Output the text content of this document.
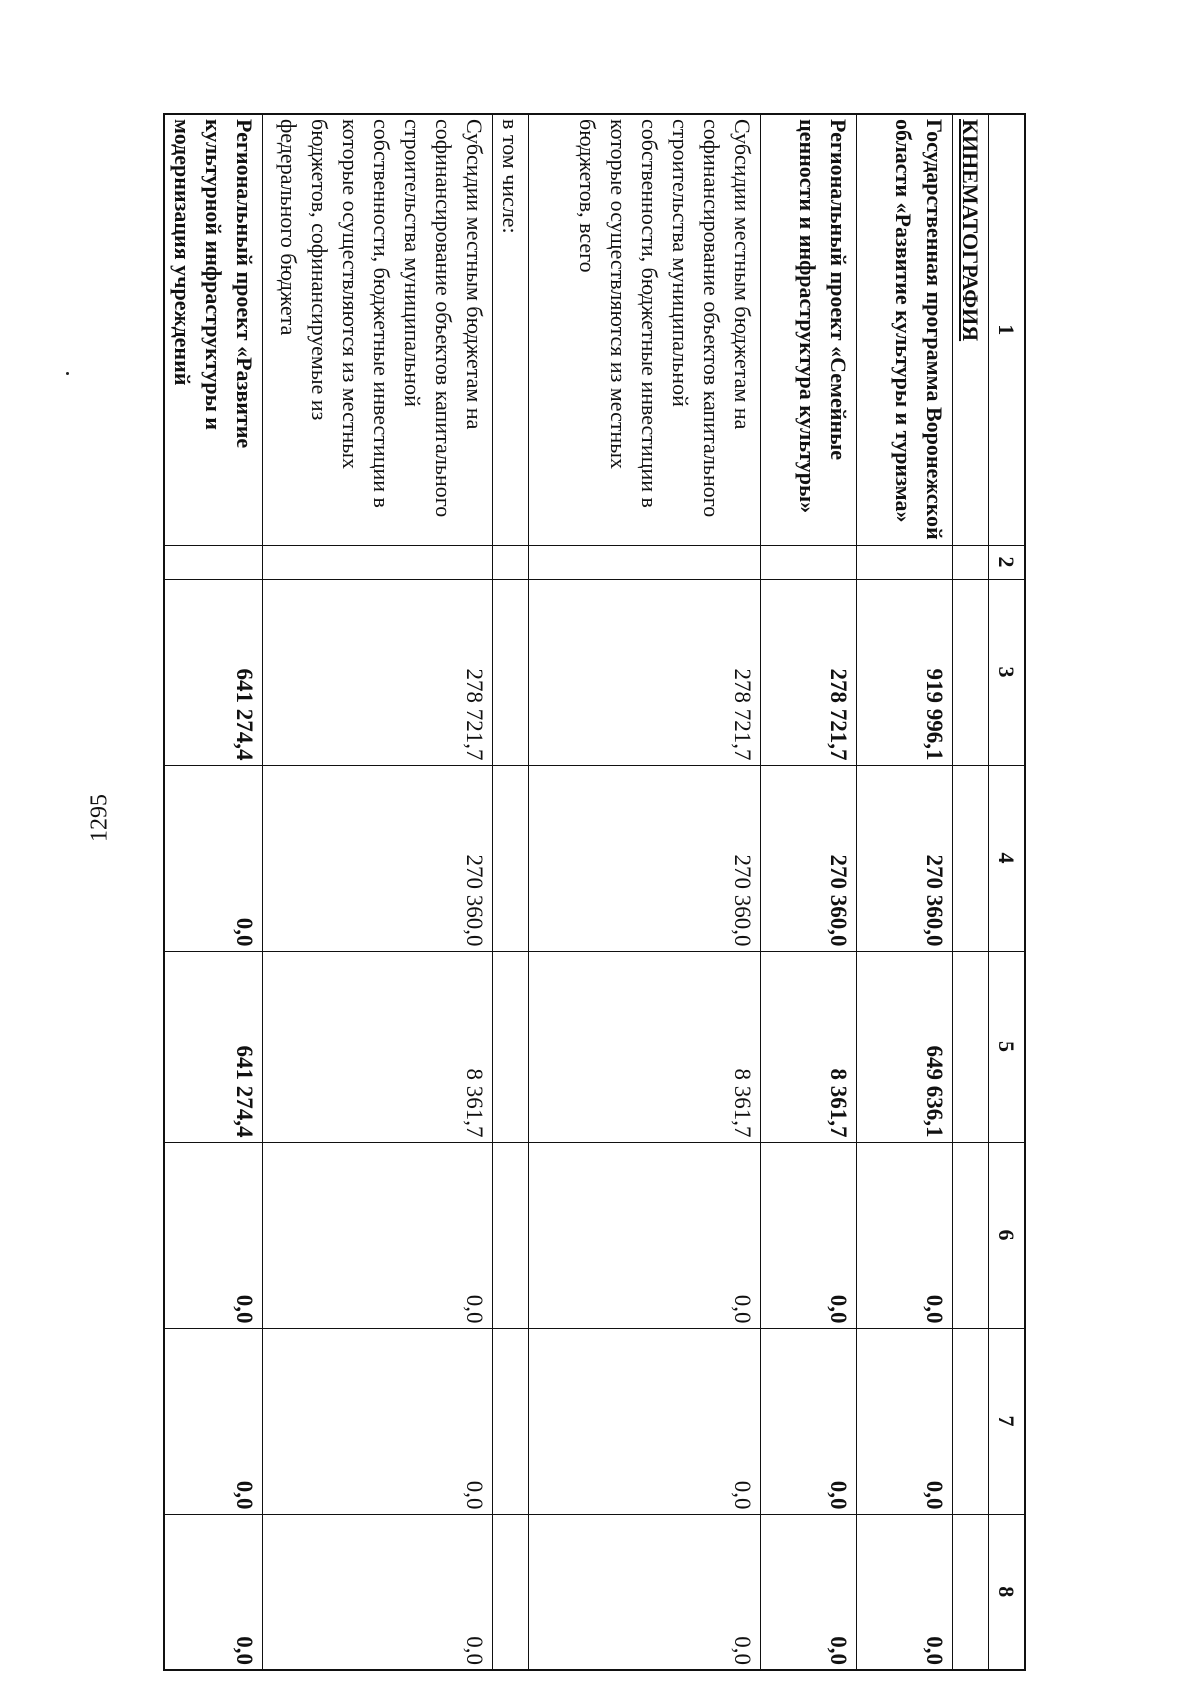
1295
1	2	3	4	5	6	7	8
КИНЕМАТОГРАФИЯ							
Государственная программа Воронежской области «Развитие культуры и туризма»		919 996,1	270 360,0	649 636,1	0,0	0,0	0,0
Региональный проект «Семейные ценности и инфраструктура культуры»		278 721,7	270 360,0	8 361,7	0,0	0,0	0,0
Субсидии местным бюджетам на софинансирование объектов капитального строительства муниципальной собственности, бюджетные инвестиции в которые осуществляются из местных бюджетов, всего		278 721,7	270 360,0	8 361,7	0,0	0,0	0,0
в том числе:							
Субсидии местным бюджетам на софинансирование объектов капитального строительства муниципальной собственности, бюджетные инвестиции в которые осуществляются из местных бюджетов, софинансируемые из федерального бюджета		278 721,7	270 360,0	8 361,7	0,0	0,0	0,0
Региональный проект «Развитие культурной инфраструктуры и модернизация учреждений		641 274,4	0,0	641 274,4	0,0	0,0	0,0
